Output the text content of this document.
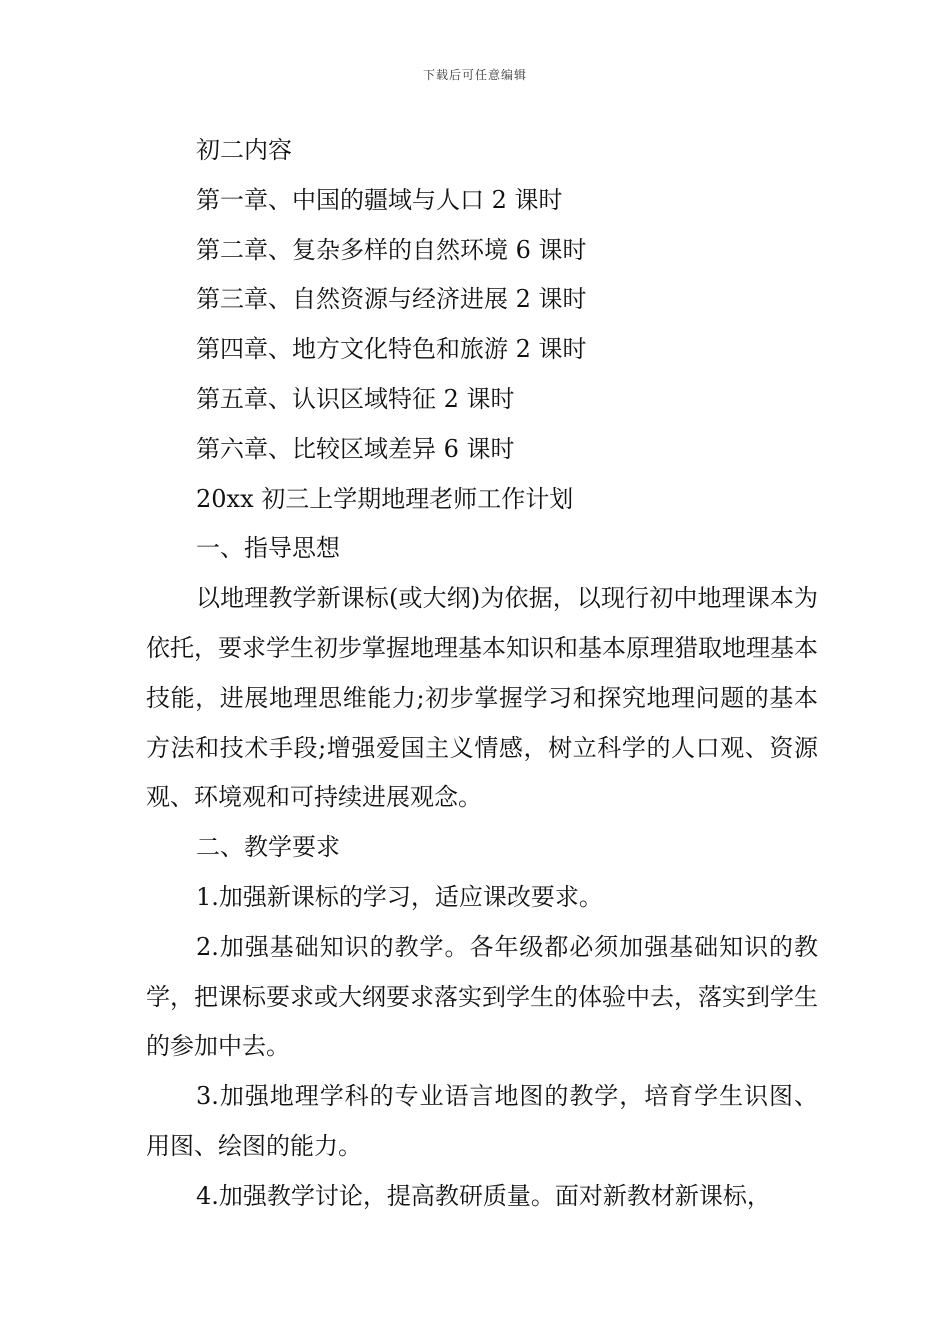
下载后可任意编辑

初二内容

第一章、中国的疆域与人口 2 课时

第二章、复杂多样的自然环境 6 课时

第三章、自然资源与经济进展 2 课时

第四章、地方文化特色和旅游 2 课时

第五章、认识区域特征 2 课时

第六章、比较区域差异 6 课时

20xx 初三上学期地理老师工作计划

一、指导思想

以地理教学新课标(或大纲)为依据，以现行初中地理课本为依托，要求学生初步掌握地理基本知识和基本原理猎取地理基本技能，进展地理思维能力;初步掌握学习和探究地理问题的基本方法和技术手段;增强爱国主义情感，树立科学的人口观、资源观、环境观和可持续进展观念。

二、教学要求

1.加强新课标的学习，适应课改要求。

2.加强基础知识的教学。各年级都必须加强基础知识的教学，把课标要求或大纲要求落实到学生的体验中去，落实到学生的参加中去。

3.加强地理学科的专业语言地图的教学，培育学生识图、用图、绘图的能力。

4.加强教学讨论，提高教研质量。面对新教材新课标，
